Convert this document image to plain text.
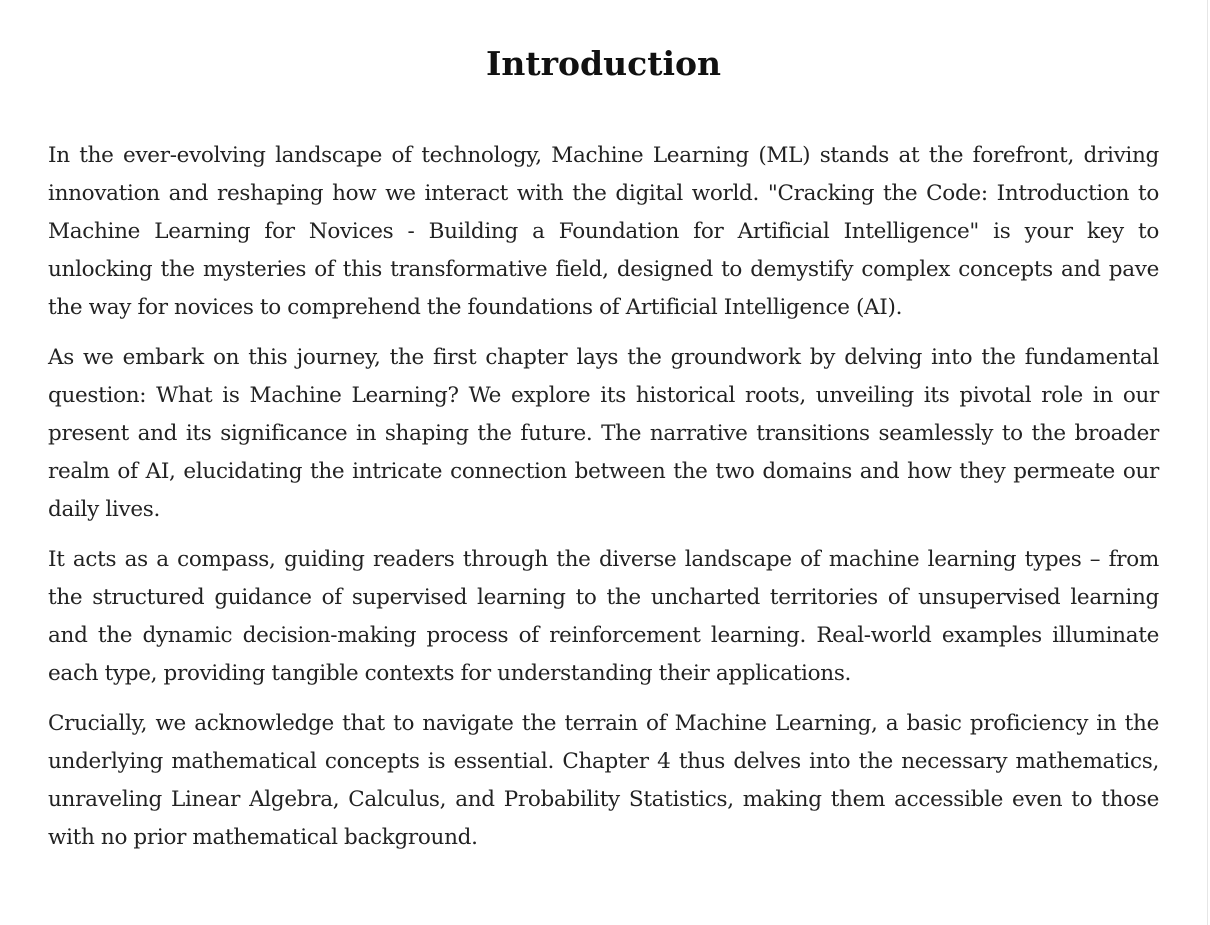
Introduction

In the ever-evolving landscape of technology, Machine Learning (ML) stands at the forefront, driving innovation and reshaping how we interact with the digital world. "Cracking the Code: Introduction to Machine Learning for Novices - Building a Foundation for Artificial Intelligence" is your key to unlocking the mysteries of this transformative field, designed to demystify complex concepts and pave the way for novices to comprehend the foundations of Artificial Intelligence (AI).

As we embark on this journey, the first chapter lays the groundwork by delving into the fundamental question: What is Machine Learning? We explore its historical roots, unveiling its pivotal role in our present and its significance in shaping the future. The narrative transitions seamlessly to the broader realm of AI, elucidating the intricate connection between the two domains and how they permeate our daily lives.

It acts as a compass, guiding readers through the diverse landscape of machine learning types – from the structured guidance of supervised learning to the uncharted territories of unsupervised learning and the dynamic decision-making process of reinforcement learning. Real-world examples illuminate each type, providing tangible contexts for understanding their applications.

Crucially, we acknowledge that to navigate the terrain of Machine Learning, a basic proficiency in the underlying mathematical concepts is essential. Chapter 4 thus delves into the necessary mathematics, unraveling Linear Algebra, Calculus, and Probability Statistics, making them accessible even to those with no prior mathematical background.
